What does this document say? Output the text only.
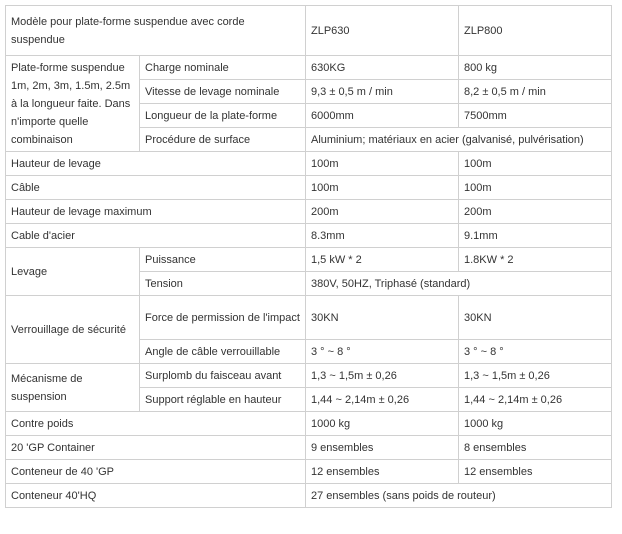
Modèle pour plate-forme suspendue avec corde suspendue		ZLP630	ZLP800
Plate-forme suspendue 1m, 2m, 3m, 1.5m, 2.5m à la longueur faite. Dans n'importe quelle combinaison	Charge nominale	630KG	800 kg
	Vitesse de levage nominale	9,3 ± 0,5 m / min	8,2 ± 0,5 m / min
	Longueur de la plate-forme	6000mm	7500mm
	Procédure de surface	Aluminium; matériaux en acier (galvanisé, pulvérisation)	
Hauteur de levage		100m	100m
Câble		100m	100m
Hauteur de levage maximum		200m	200m
Cable d'acier		8.3mm	9.1mm
Levage	Puissance	1,5 kW * 2	1.8KW * 2
	Tension	380V, 50HZ, Triphasé (standard)	
Verrouillage de sécurité	Force de permission de l'impact	30KN	30KN
	Angle de câble verrouillable	3 ° ~ 8 °	3 ° ~ 8 °
Mécanisme de suspension	Surplomb du faisceau avant	1,3 ~ 1,5m ± 0,26	1,3 ~ 1,5m ± 0,26
	Support réglable en hauteur	1,44 ~ 2,14m ± 0,26	1,44 ~ 2,14m ± 0,26
Contre poids		1000 kg	1000 kg
20 'GP Container		9 ensembles	8 ensembles
Conteneur de 40 'GP		12 ensembles	12 ensembles
Conteneur 40'HQ		27 ensembles (sans poids de routeur)	
